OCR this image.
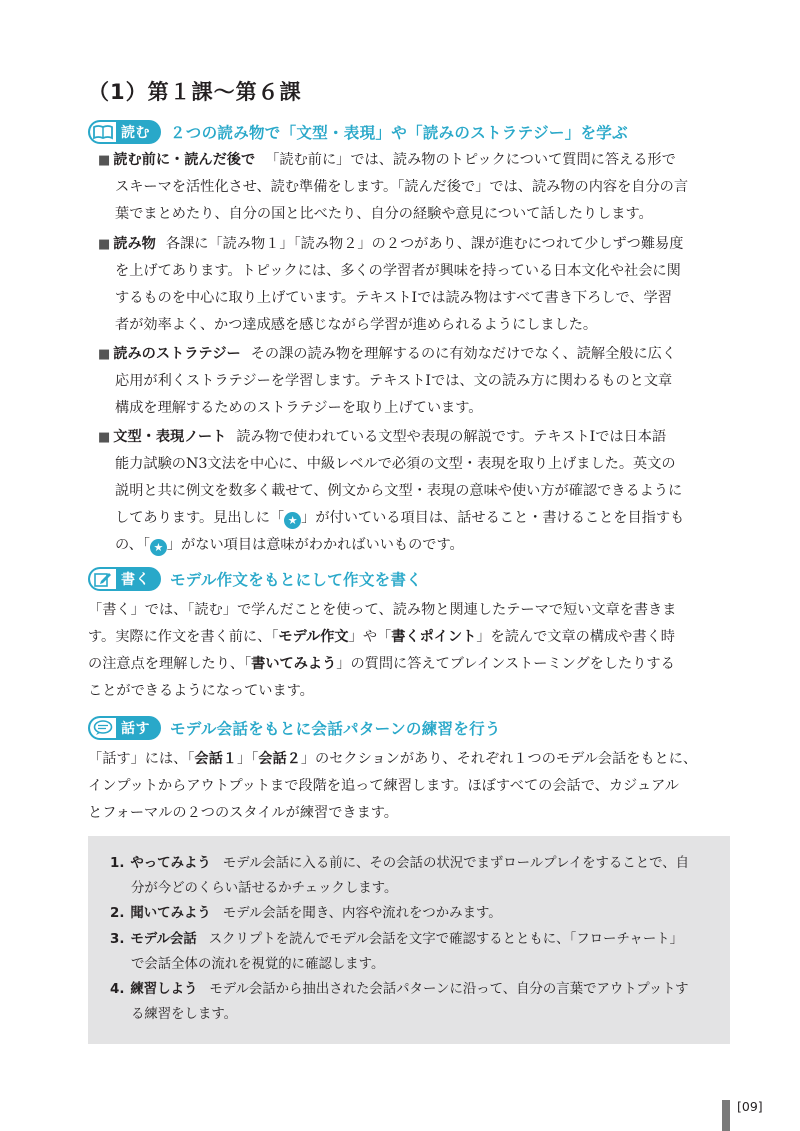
（1）第１課～第６課
読む ２つの読み物で「文型・表現」や「読みのストラテジー」を学ぶ
■ 読む前に・読んだ後で 「読む前に」では、読み物のトピックについて質問に答える形で
スキーマを活性化させ、読む準備をします。「読んだ後で」では、読み物の内容を自分の言
葉でまとめたり、自分の国と比べたり、自分の経験や意見について話したりします。
■ 読み物 各課に「読み物１」「読み物２」の２つがあり、課が進むにつれて少しずつ難易度
を上げてあります。トピックには、多くの学習者が興味を持っている日本文化や社会に関
するものを中心に取り上げています。テキストⅠでは読み物はすべて書き下ろしで、学習
者が効率よく、かつ達成感を感じながら学習が進められるようにしました。
■ 読みのストラテジー その課の読み物を理解するのに有効なだけでなく、読解全般に広く
応用が利くストラテジーを学習します。テキストⅠでは、文の読み方に関わるものと文章
構成を理解するためのストラテジーを取り上げています。
■ 文型・表現ノート 読み物で使われている文型や表現の解説です。テキストⅠでは日本語
能力試験のN3文法を中心に、中級レベルで必須の文型・表現を取り上げました。英文の
説明と共に例文を数多く載せて、例文から文型・表現の意味や使い方が確認できるように
してあります。見出しに「 ★ 」が付いている項目は、話せること・書けることを目指すも
の、「 ★ 」がない項目は意味がわかればいいものです。
書く モデル作文をもとにして作文を書く
「書く」では、「読む」で学んだことを使って、読み物と関連したテーマで短い文章を書きま
す。実際に作文を書く前に、「モデル作文」や「書くポイント」を読んで文章の構成や書く時
の注意点を理解したり、「書いてみよう」の質問に答えてブレインストーミングをしたりする
ことができるようになっています。
話す モデル会話をもとに会話パターンの練習を行う
「話す」には、「会話１」「会話２」のセクションがあり、それぞれ１つのモデル会話をもとに、
インプットからアウトプットまで段階を追って練習します。ほぼすべての会話で、カジュアル
とフォーマルの２つのスタイルが練習できます。
1. やってみよう モデル会話に入る前に、その会話の状況でまずロールプレイをすることで、自
分が今どのくらい話せるかチェックします。
2. 聞いてみよう モデル会話を聞き、内容や流れをつかみます。
3. モデル会話 スクリプトを読んでモデル会話を文字で確認するとともに、「フローチャート」
で会話全体の流れを視覚的に確認します。
4. 練習しよう モデル会話から抽出された会話パターンに沿って、自分の言葉でアウトプットす
る練習をします。
[09]
